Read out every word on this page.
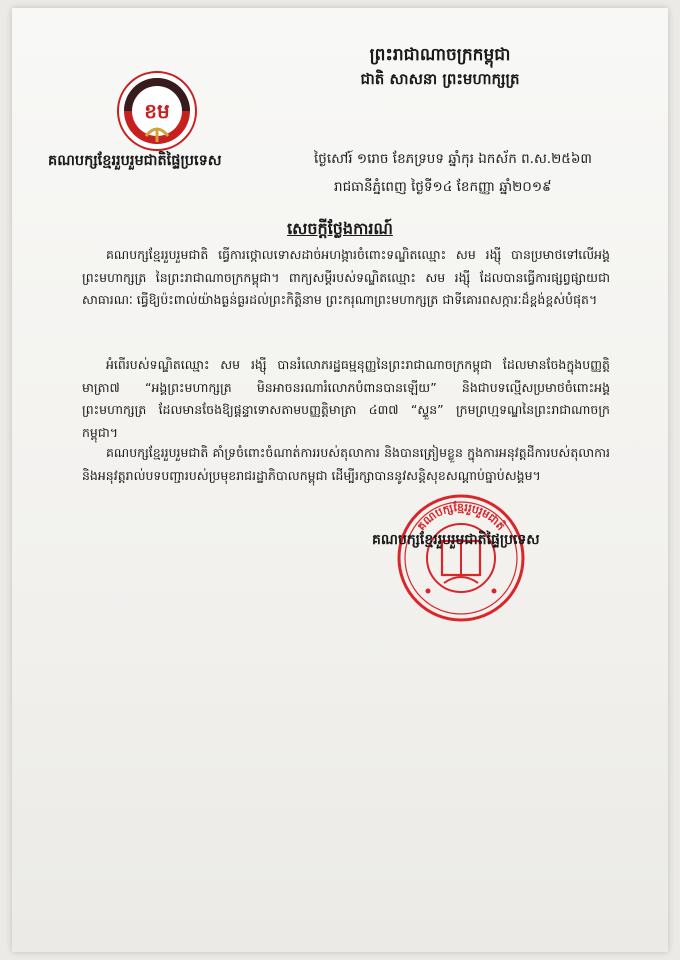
ព្រះរាជាណាចក្រកម្ពុជា
ជាតិ សាសនា ព្រះមហាក្សត្រ
ខម
គណបក្សខ្មែររួបរួមជាតិផ្ទៃប្រទេស	ថ្ងៃសៅរ៍ ១រោច ខែភទ្របទ ឆ្នាំកុរ ឯកស័ក ព.ស.២៥៦៣
រាជធានីភ្នំពេញ ថ្ងៃទី១៤ ខែកញ្ញា ឆ្នាំ២០១៩
សេចក្តីថ្លែងការណ៍
គណបក្សខ្មែររួបរួមជាតិ ធ្វើការថ្កោលទោសដាច់អហង្ការចំពោះទណ្ឌិតឈ្មោះ សម រង្ស៊ី បានប្រមាថទៅលើអង្គព្រះមហាក្សត្រ នៃព្រះរាជាណាចក្រកម្ពុជា។ ពាក្យសម្តីរបស់ទណ្ឌិតឈ្មោះ សម រង្ស៊ី ដែលបានធ្វើការផ្សព្វផ្សាយជាសាធារណៈ ធ្វើឱ្យប៉ះពាល់យ៉ាងធ្ងន់ធ្ងរដល់ព្រះកិត្តិនាម ព្រះករុណាព្រះមហាក្សត្រ ជាទីគោរពសក្ការៈដ៏ខ្ពង់ខ្ពស់បំផុត។
អំពើរបស់ទណ្ឌិតឈ្មោះ សម រង្ស៊ី បានរំលោភរដ្ឋធម្មនុញ្ញនៃព្រះរាជាណាចក្រកម្ពុជា ដែលមានចែងក្នុងបញ្ញត្តិមាត្រា៧ “អង្គព្រះមហាក្សត្រ មិនអាចនរណារំលោភបំពានបានឡើយ” និងជាបទល្មើសប្រមាថចំពោះអង្គព្រះមហាក្សត្រ ដែលមានចែងឱ្យផ្តន្ទាទោសតាមបញ្ញត្តិមាត្រា ៤៣៧ “ស្ទួន” ក្រមព្រហ្មទណ្ឌនៃព្រះរាជាណាចក្រកម្ពុជា។
គណបក្សខ្មែររួបរួមជាតិ គាំទ្រចំពោះចំណាត់ការរបស់តុលាការ និងបានត្រៀមខ្លួន ក្នុងការអនុវត្តដីការបស់តុលាការ និងអនុវត្តរាល់បទបញ្ជារបស់ប្រមុខរាជរដ្ឋាភិបាលកម្ពុជា ដើម្បីរក្សាបាននូវសន្តិសុខសណ្តាប់ធ្នាប់សង្គម។
គណបក្សខ្មែររួបរួមជាតិ
គណបក្សខ្មែររួបរួមជាតិផ្ទៃប្រទេស
